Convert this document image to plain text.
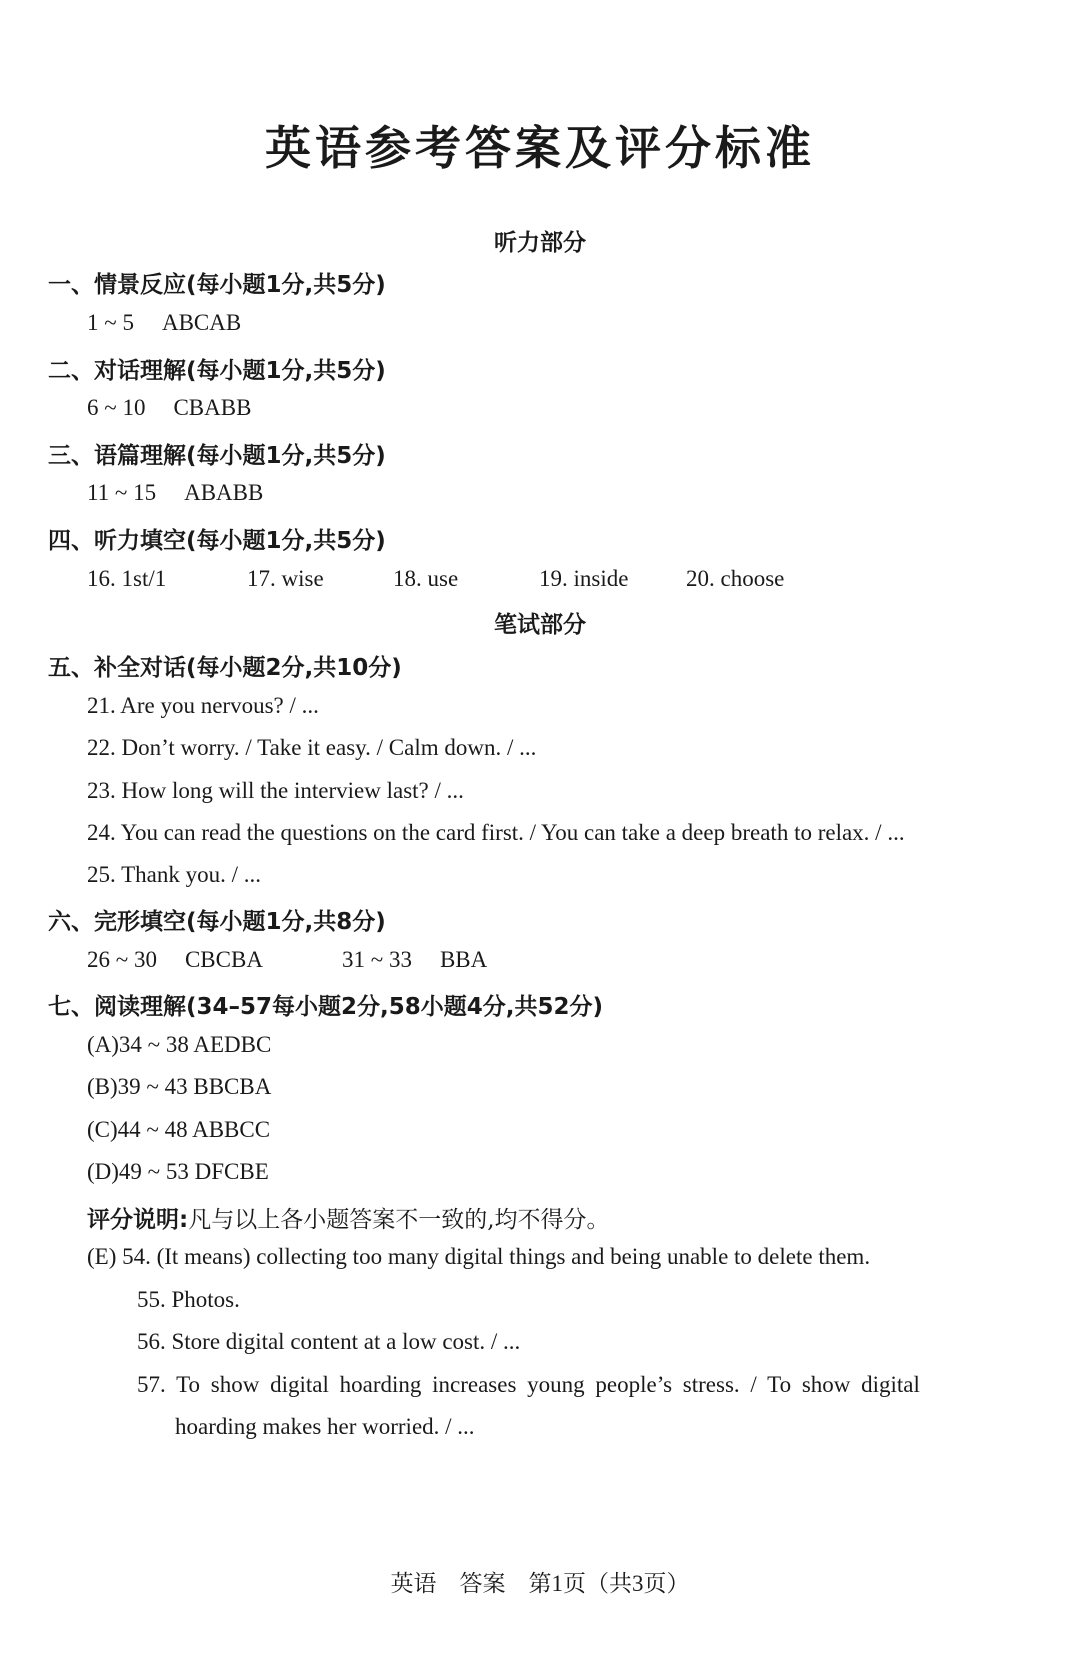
英语参考答案及评分标准
听力部分
一、情景反应(每小题1分,共5分)
1 ~ 5 ABCAB
二、对话理解(每小题1分,共5分)
6 ~ 10 CBABB
三、语篇理解(每小题1分,共5分)
11 ~ 15 ABABB
四、听力填空(每小题1分,共5分)
16. 1st/1	17. wise	18. use	19. inside	20. choose
笔试部分
五、补全对话(每小题2分,共10分)
21. Are you nervous? / ...
22. Don’t worry. / Take it easy. / Calm down. / ...
23. How long will the interview last? / ...
24. You can read the questions on the card first. / You can take a deep breath to relax. / ...
25. Thank you. / ...
六、完形填空(每小题1分,共8分)
26 ~ 30 CBCBA	31 ~ 33 BBA
七、阅读理解(34–57每小题2分,58小题4分,共52分)
(A)34 ~ 38 AEDBC
(B)39 ~ 43 BBCBA
(C)44 ~ 48 ABBCC
(D)49 ~ 53 DFCBE
评分说明:凡与以上各小题答案不一致的,均不得分。
(E) 54. (It means) collecting too many digital things and being unable to delete them.
55. Photos.
56. Store digital content at a low cost. / ...
57. To show digital hoarding increases young people’s stress. / To show digital
hoarding makes her worried. / ...
英语　答案　第1页（共3页）
